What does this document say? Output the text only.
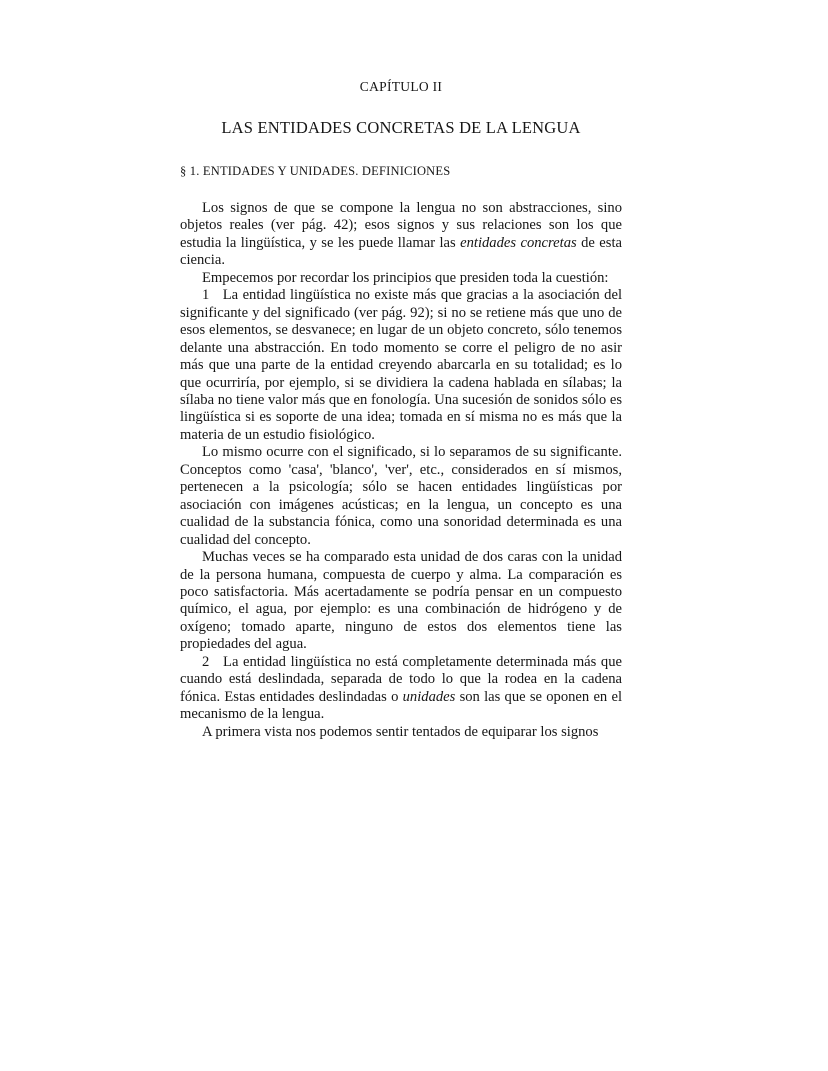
CAPÍTULO II
LAS ENTIDADES CONCRETAS DE LA LENGUA
§ 1. ENTIDADES Y UNIDADES. DEFINICIONES

Los signos de que se compone la lengua no son abstracciones, sino objetos reales (ver pág. 42); esos signos y sus relaciones son los que estudia la lingüística, y se les puede llamar las entidades concretas de esta ciencia.

Empecemos por recordar los principios que presiden toda la cuestión:

1   La entidad lingüística no existe más que gracias a la asociación del significante y del significado (ver pág. 92); si no se retiene más que uno de esos elementos, se desvanece; en lugar de un objeto concreto, sólo tenemos delante una abstracción. En todo momento se corre el peligro de no asir más que una parte de la entidad creyendo abarcarla en su totalidad; es lo que ocurriría, por ejemplo, si se dividiera la cadena hablada en sílabas; la sílaba no tiene valor más que en fonología. Una sucesión de sonidos sólo es lingüística si es soporte de una idea; tomada en sí misma no es más que la materia de un estudio fisiológico.

Lo mismo ocurre con el significado, si lo separamos de su significante. Conceptos como 'casa', 'blanco', 'ver', etc., considerados en sí mismos, pertenecen a la psicología; sólo se hacen entidades lingüísticas por asociación con imágenes acústicas; en la lengua, un concepto es una cualidad de la substancia fónica, como una sonoridad determinada es una cualidad del concepto.

Muchas veces se ha comparado esta unidad de dos caras con la unidad de la persona humana, compuesta de cuerpo y alma. La comparación es poco satisfactoria. Más acertadamente se podría pensar en un compuesto químico, el agua, por ejemplo: es una combinación de hidrógeno y de oxígeno; tomado aparte, ninguno de estos dos elementos tiene las propiedades del agua.

2   La entidad lingüística no está completamente determinada más que cuando está deslindada, separada de todo lo que la rodea en la cadena fónica. Estas entidades deslindadas o unidades son las que se oponen en el mecanismo de la lengua.

A primera vista nos podemos sentir tentados de equiparar los signos
